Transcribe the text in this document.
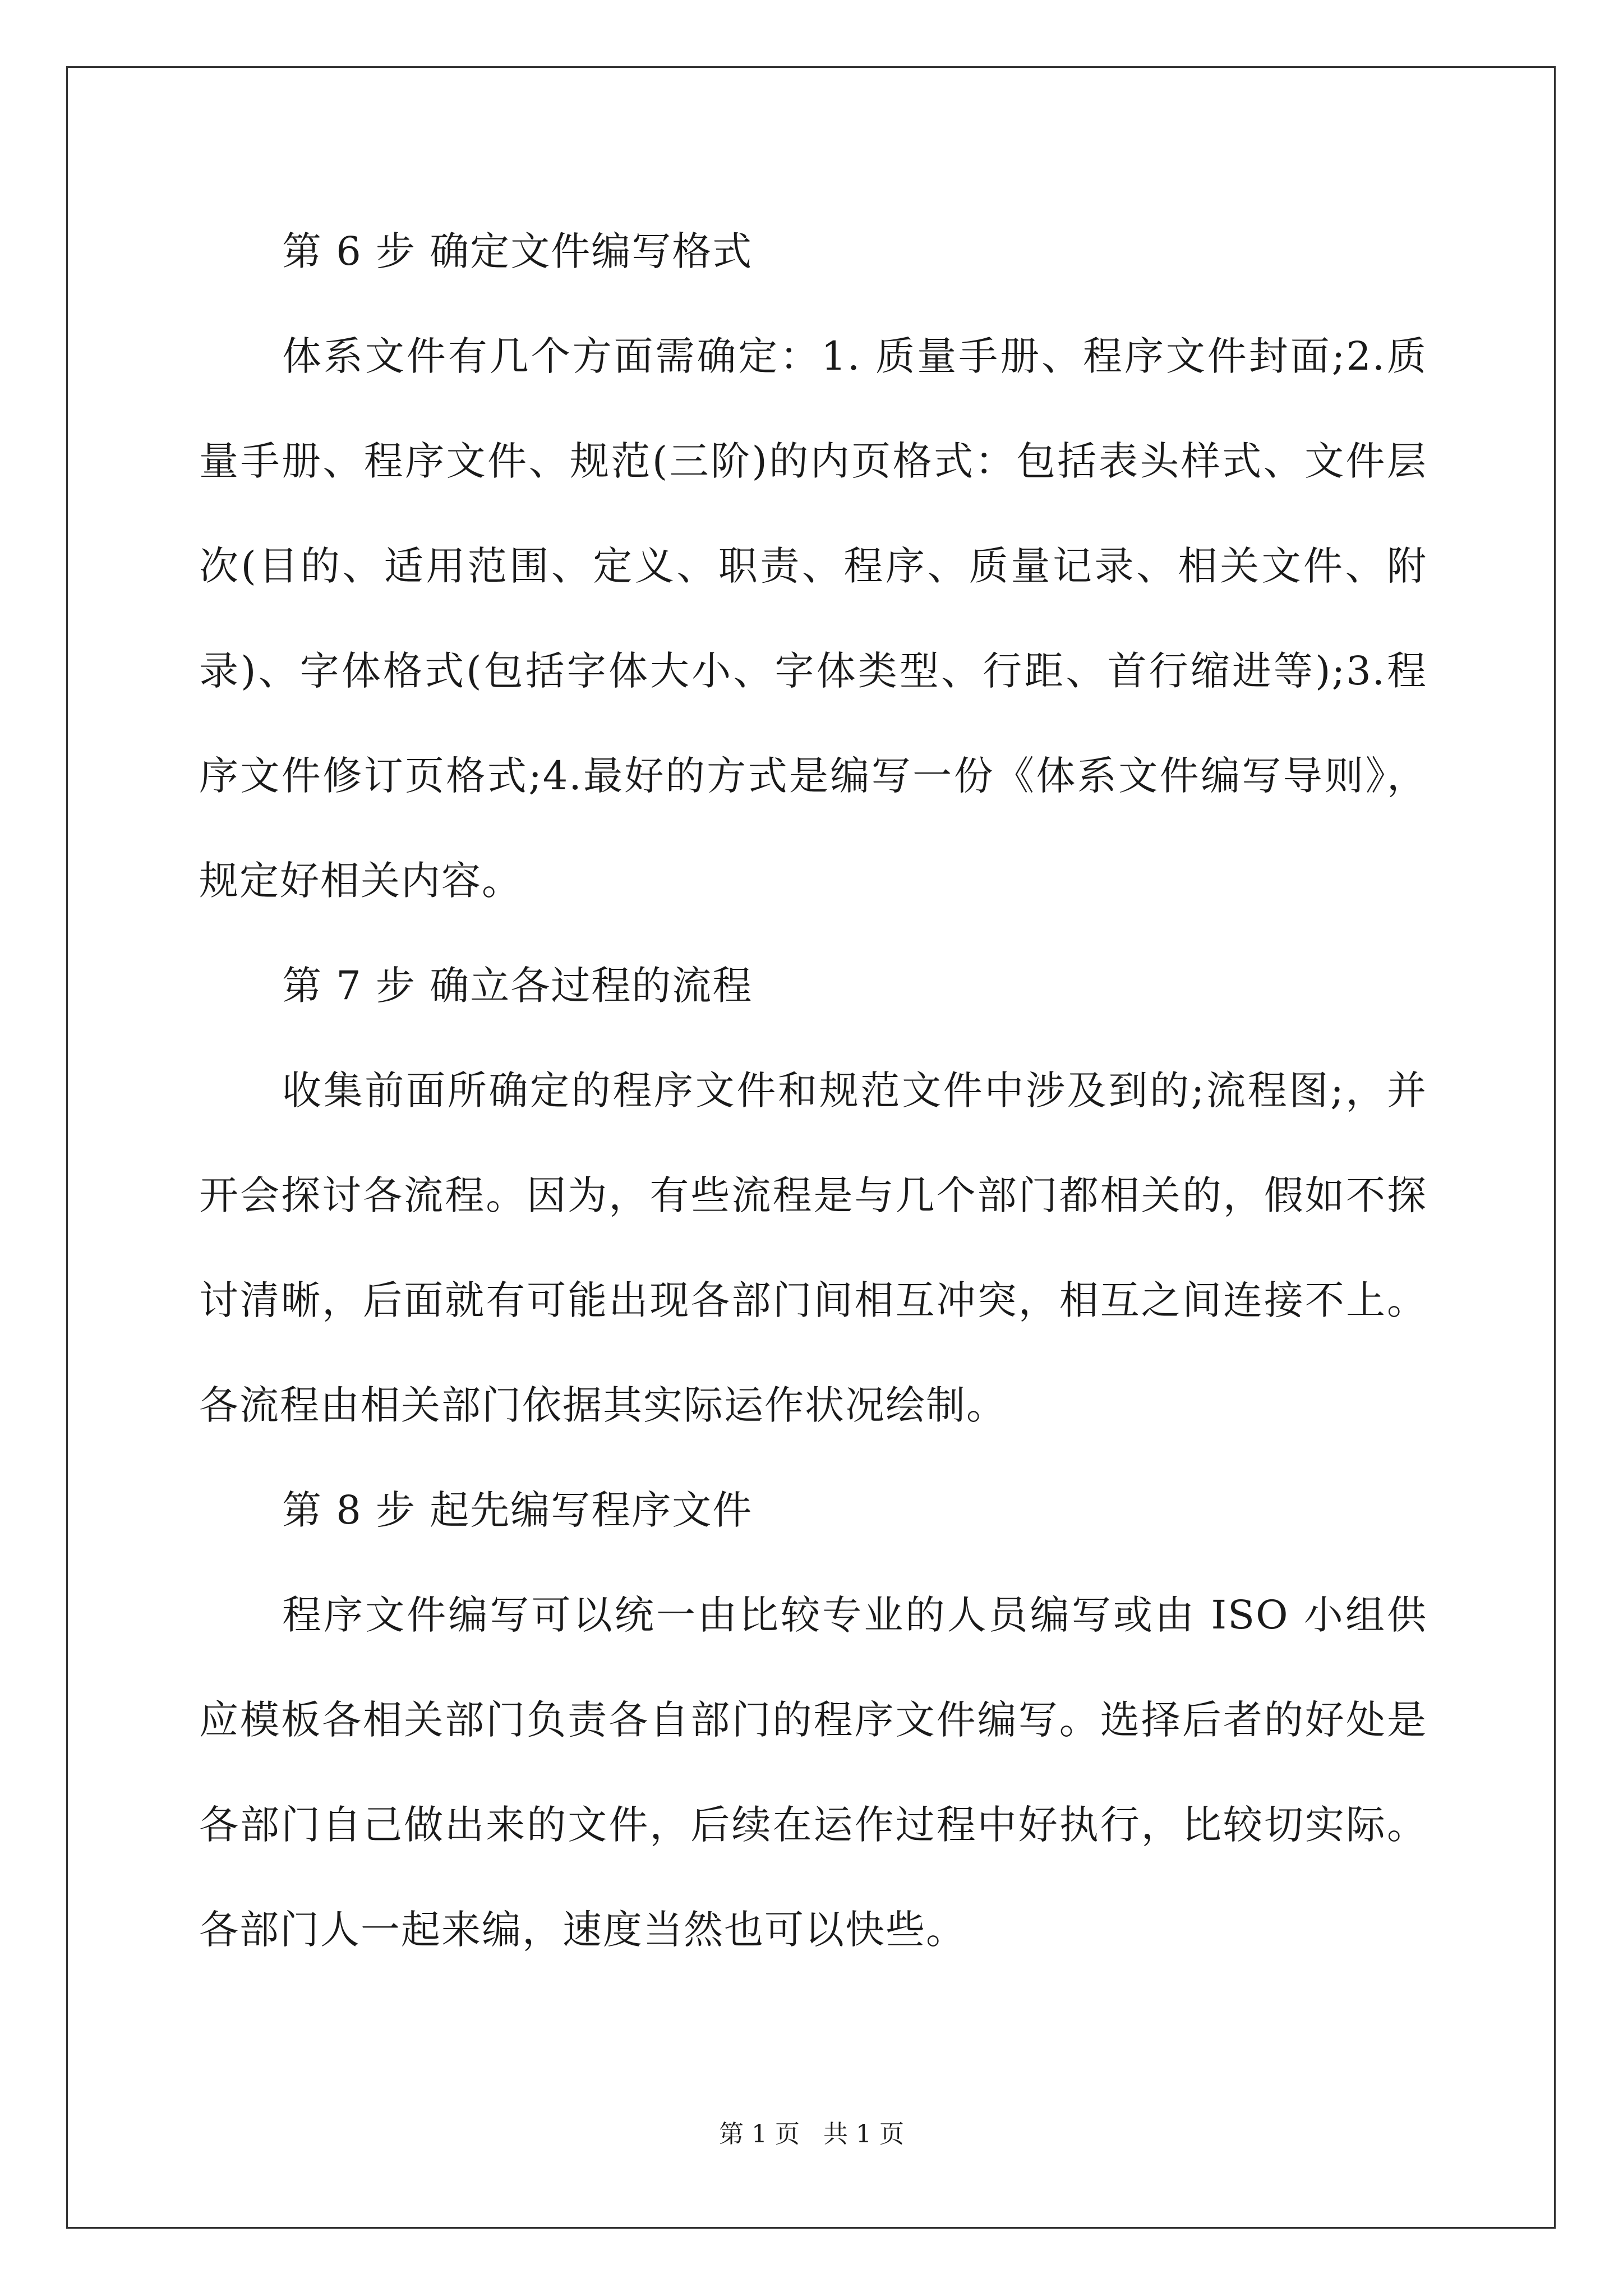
第 6 步 确定文件编写格式

体系文件有几个方面需确定：1. 质量手册、程序文件封面;2.质量手册、程序文件、规范(三阶)的内页格式：包括表头样式、文件层次(目的、适用范围、定义、职责、程序、质量记录、相关文件、附录)、字体格式(包括字体大小、字体类型、行距、首行缩进等);3.程序文件修订页格式;4.最好的方式是编写一份《体系文件编写导则》，规定好相关内容。

第 7 步 确立各过程的流程

收集前面所确定的程序文件和规范文件中涉及到的;流程图;，并开会探讨各流程。因为，有些流程是与几个部门都相关的，假如不探讨清晰，后面就有可能出现各部门间相互冲突，相互之间连接不上。各流程由相关部门依据其实际运作状况绘制。

第 8 步 起先编写程序文件

程序文件编写可以统一由比较专业的人员编写或由 ISO 小组供应模板各相关部门负责各自部门的程序文件编写。选择后者的好处是各部门自己做出来的文件，后续在运作过程中好执行，比较切实际。各部门人一起来编，速度当然也可以快些。

第 1 页 共 1 页
